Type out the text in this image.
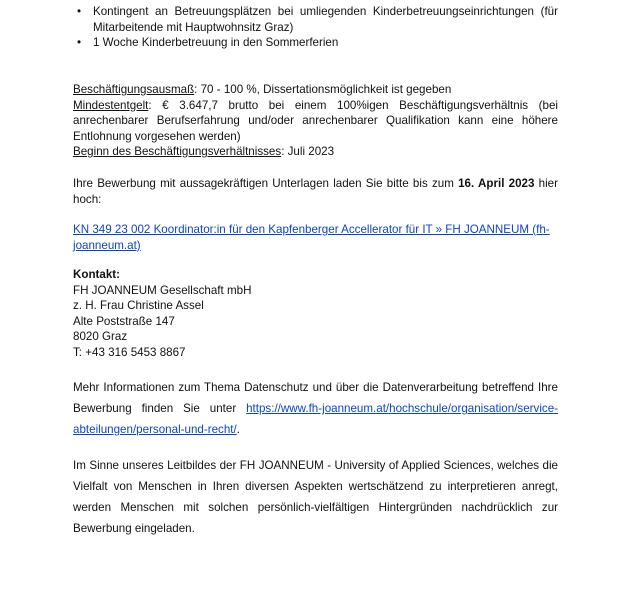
• Kontingent an Betreuungsplätzen bei umliegenden Kinderbetreuungseinrichtungen (für Mitarbeitende mit Hauptwohnsitz Graz)
• 1 Woche Kinderbetreuung in den Sommerferien
Beschäftigungsausmaß: 70 - 100 %, Dissertationsmöglichkeit ist gegeben
Mindestentgelt: € 3.647,7 brutto bei einem 100%igen Beschäftigungsverhältnis (bei anrechenbarer Berufserfahrung und/oder anrechenbarer Qualifikation kann eine höhere Entlohnung vorgesehen werden)
Beginn des Beschäftigungsverhältnisses: Juli 2023
Ihre Bewerbung mit aussagekräftigen Unterlagen laden Sie bitte bis zum 16. April 2023 hier hoch:
KN 349 23 002 Koordinator:in für den Kapfenberger Accellerator für IT » FH JOANNEUM (fh-joanneum.at)
Kontakt:
FH JOANNEUM Gesellschaft mbH
z. H. Frau Christine Assel
Alte Poststraße 147
8020 Graz
T: +43 316 5453 8867
Mehr Informationen zum Thema Datenschutz und über die Datenverarbeitung betreffend Ihre Bewerbung finden Sie unter https://www.fh-joanneum.at/hochschule/organisation/service-abteilungen/personal-und-recht/.
Im Sinne unseres Leitbildes der FH JOANNEUM - University of Applied Sciences, welches die Vielfalt von Menschen in Ihren diversen Aspekten wertschätzend zu interpretieren anregt, werden Menschen mit solchen persönlich-vielfältigen Hintergründen nachdrücklich zur Bewerbung eingeladen.
